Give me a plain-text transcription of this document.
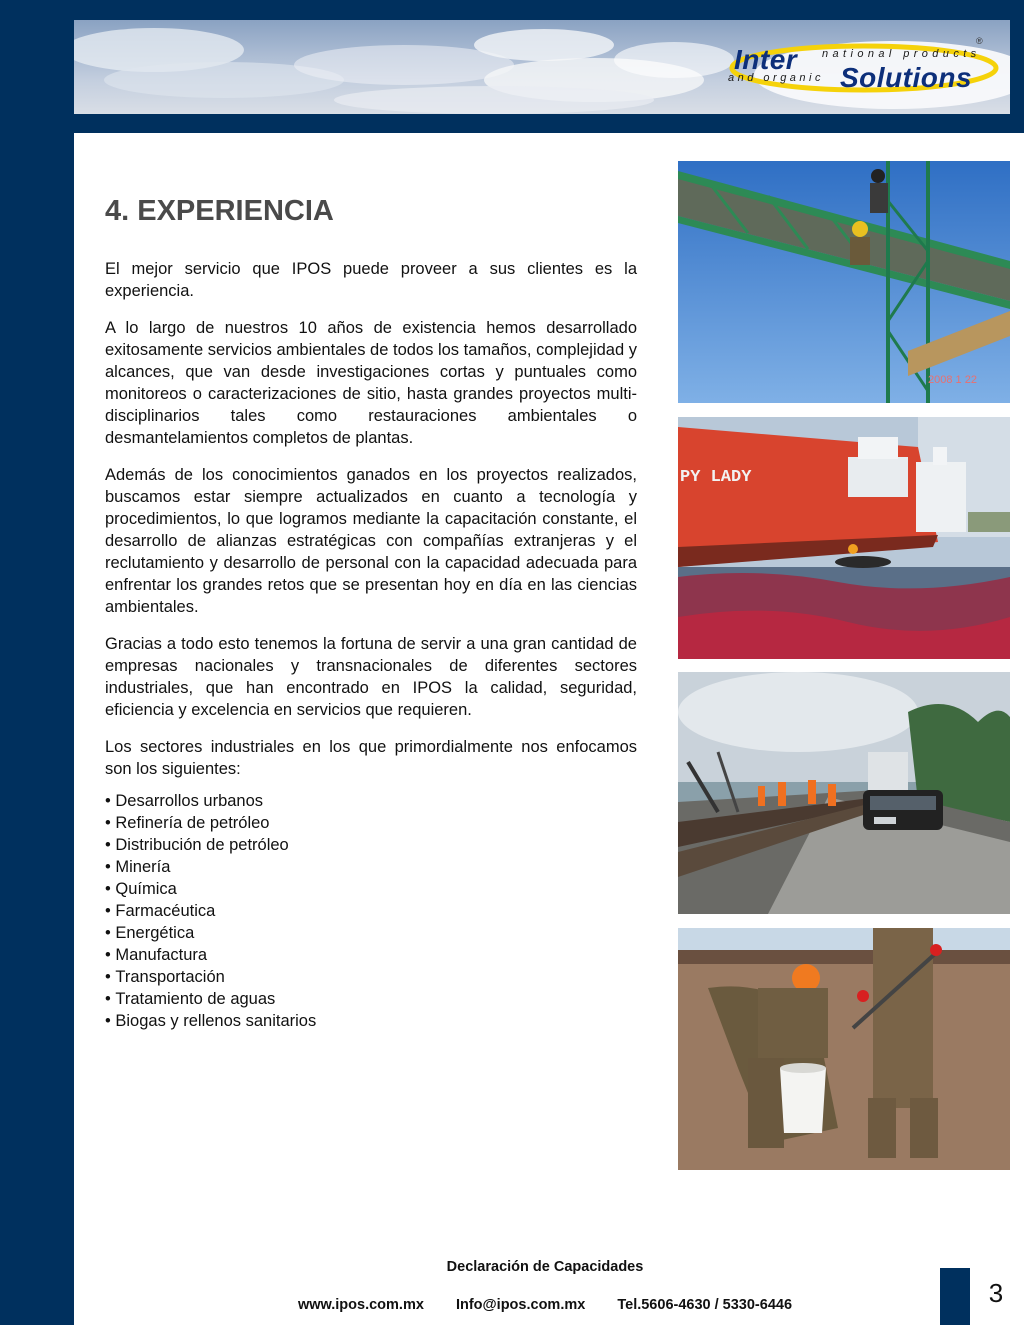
Inter national products
and organic Solutions
®
4. EXPERIENCIA

El mejor servicio que IPOS puede proveer a sus clientes es la experiencia.

A lo largo de nuestros 10 años de existencia hemos desarrollado exitosamente servicios ambientales de todos los tamaños, complejidad y alcances, que van desde investigaciones cortas y puntuales como monitoreos o caracterizaciones de sitio, hasta grandes proyectos multi-disciplinarios tales como restauraciones ambientales o desmantelamientos completos de plantas.

Además de los conocimientos ganados en los proyectos realizados, buscamos estar siempre actualizados en cuanto a tecnología y procedimientos, lo que logramos mediante la capacitación constante, el desarrollo de alianzas estratégicas con compañías extranjeras y el reclutamiento y desarrollo de personal con la capacidad adecuada para enfrentar los grandes retos que se presentan hoy en día en las ciencias ambientales.

Gracias a todo esto tenemos la fortuna de servir a una gran cantidad de empresas nacionales y transnacionales de diferentes sectores industriales, que han encontrado en IPOS la calidad, seguridad, eficiencia y excelencia en servicios que requieren.

Los sectores industriales en los que primordialmente nos enfocamos son los siguientes:

• Desarrollos urbanos
• Refinería de petróleo
• Distribución de petróleo
• Minería
• Química
• Farmacéutica
• Energética
• Manufactura
• Transportación
• Tratamiento de aguas
• Biogas y rellenos sanitarios
2008 1 22
PY LADY
Declaración de Capacidades
www.ipos.com.mx Info@ipos.com.mx Tel.5606-4630 / 5330-6446	3
